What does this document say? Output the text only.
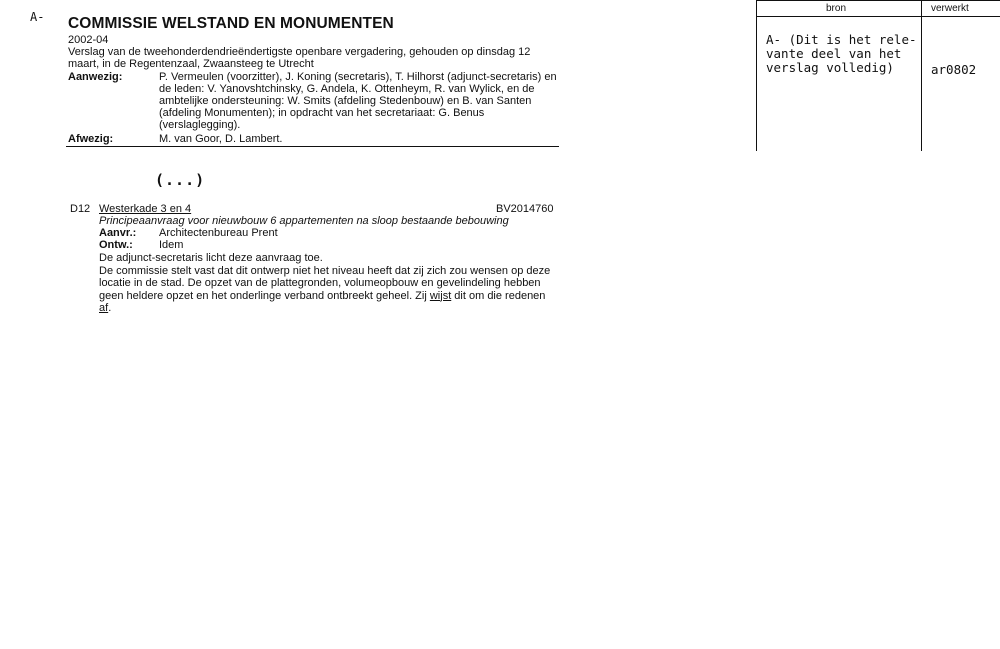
A- COMMISSIE WELSTAND EN MONUMENTEN
2002-04
Verslag van de tweehonderdendrieëndertigste openbare vergadering, gehouden op dinsdag 12 maart, in de Regentenzaal, Zwaansteeg te Utrecht
Aanwezig:	P. Vermeulen (voorzitter), J. Koning (secretaris), T. Hilhorst (adjunct-secretaris) en de leden: V. Yanovshtchinsky, G. Andela, K. Ottenheym, R. van Wylick, en de ambtelijke ondersteuning: W. Smits (afdeling Stedenbouw) en B. van Santen (afdeling Monumenten); in opdracht van het secretariaat: G. Benus (verslaglegging).
Afwezig:	M. van Goor, D. Lambert.
(...)
D12 Westerkade 3 en 4	BV2014760
Principeaanvraag voor nieuwbouw 6 appartementen na sloop bestaande bebouwing
Aanvr.: Architectenbureau Prent
Ontw.: Idem

De adjunct-secretaris licht deze aanvraag toe.

De commissie stelt vast dat dit ontwerp niet het niveau heeft dat zij zich zou wensen op deze locatie in de stad. De opzet van de plattegronden, volumeopbouw en gevelindeling hebben geen heldere opzet en het onderlinge verband ontbreekt geheel. Zij wijst dit om die redenen af.

bron	verwerkt
A- (Dit is het rele-
vante deel van het
verslag volledig)	ar0802
